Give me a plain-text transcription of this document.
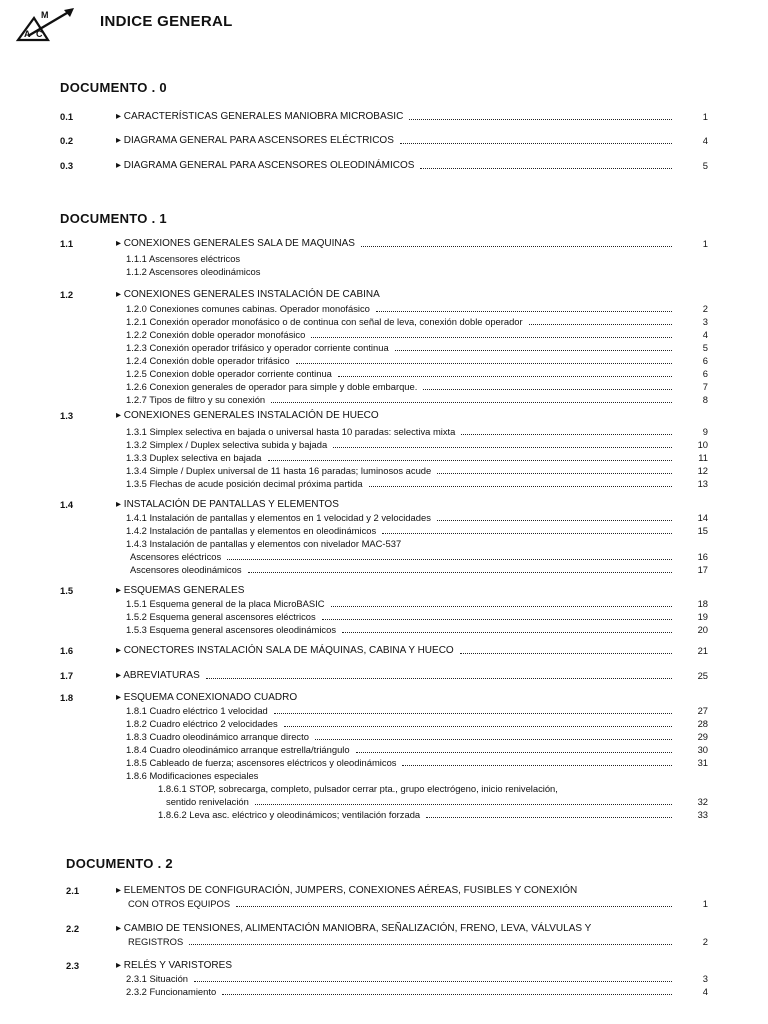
M
A C
INDICE GENERAL
DOCUMENTO . 0
DOCUMENTO . 1
DOCUMENTO . 2
0.1	▸ CARACTERÍSTICAS GENERALES MANIOBRA MICROBASIC	1
0.2	▸ DIAGRAMA GENERAL PARA ASCENSORES ELÉCTRICOS	4
0.3	▸ DIAGRAMA GENERAL PARA ASCENSORES OLEODINÁMICOS	5
1.1	▸ CONEXIONES GENERALES SALA DE MAQUINAS	1
1.1.1 Ascensores eléctricos
1.1.2 Ascensores oleodinámicos
1.2	▸ CONEXIONES GENERALES INSTALACIÓN DE CABINA
1.2.0 Conexiones comunes cabinas. Operador monofásico	2
1.2.1 Conexión operador monofásico o de continua con señal de leva, conexión doble operador	3
1.2.2 Conexión doble operador monofásico	4
1.2.3 Conexión operador trifásico y operador corriente continua	5
1.2.4 Conexión doble operador trifásico	6
1.2.5 Conexion doble operador corriente continua	6
1.2.6 Conexion generales de operador para simple y doble embarque.	7
1.2.7 Tipos de filtro y su conexión	8
1.3	▸ CONEXIONES GENERALES INSTALACIÓN DE HUECO
1.3.1 Simplex selectiva en bajada o universal hasta 10 paradas: selectiva mixta	9
1.3.2 Simplex / Duplex selectiva subida y bajada	10
1.3.3 Duplex selectiva en bajada	11
1.3.4 Simple / Duplex universal de 11 hasta 16 paradas; luminosos acude	12
1.3.5 Flechas de acude posición decimal próxima partida	13
1.4	▸ INSTALACIÓN DE PANTALLAS Y ELEMENTOS
1.4.1 Instalación de pantallas y elementos en 1 velocidad y 2 velocidades	14
1.4.2 Instalación de pantallas y elementos en oleodinámicos	15
1.4.3 Instalación de pantallas y elementos con nivelador MAC-537
Ascensores eléctricos	16
Ascensores oleodinámicos	17
1.5	▸ ESQUEMAS GENERALES
1.5.1 Esquema general de la placa MicroBASIC	18
1.5.2 Esquema general ascensores eléctricos	19
1.5.3 Esquema general ascensores oleodinámicos	20
1.6	▸ CONECTORES INSTALACIÓN SALA DE MÁQUINAS, CABINA Y HUECO	21
1.7	▸ ABREVIATURAS	25
1.8	▸ ESQUEMA CONEXIONADO CUADRO
1.8.1 Cuadro eléctrico 1 velocidad	27
1.8.2 Cuadro eléctrico 2 velocidades	28
1.8.3 Cuadro oleodinámico arranque directo	29
1.8.4 Cuadro oleodinámico arranque estrella/triángulo	30
1.8.5 Cableado de fuerza; ascensores eléctricos y oleodinámicos	31
1.8.6 Modificaciones especiales
1.8.6.1 STOP, sobrecarga, completo, pulsador cerrar pta., grupo electrógeno, inicio renivelación,
sentido renivelación	32
1.8.6.2 Leva asc. eléctrico y oleodinámicos; ventilación forzada	33
2.1	▸ ELEMENTOS DE CONFIGURACIÓN, JUMPERS, CONEXIONES AÉREAS, FUSIBLES Y CONEXIÓN
CON OTROS EQUIPOS	1
2.2	▸ CAMBIO DE TENSIONES, ALIMENTACIÓN MANIOBRA, SEÑALIZACIÓN, FRENO, LEVA, VÁLVULAS Y
REGISTROS	2
2.3	▸ RELÉS Y VARISTORES
2.3.1 Situación	3
2.3.2 Funcionamiento	4
